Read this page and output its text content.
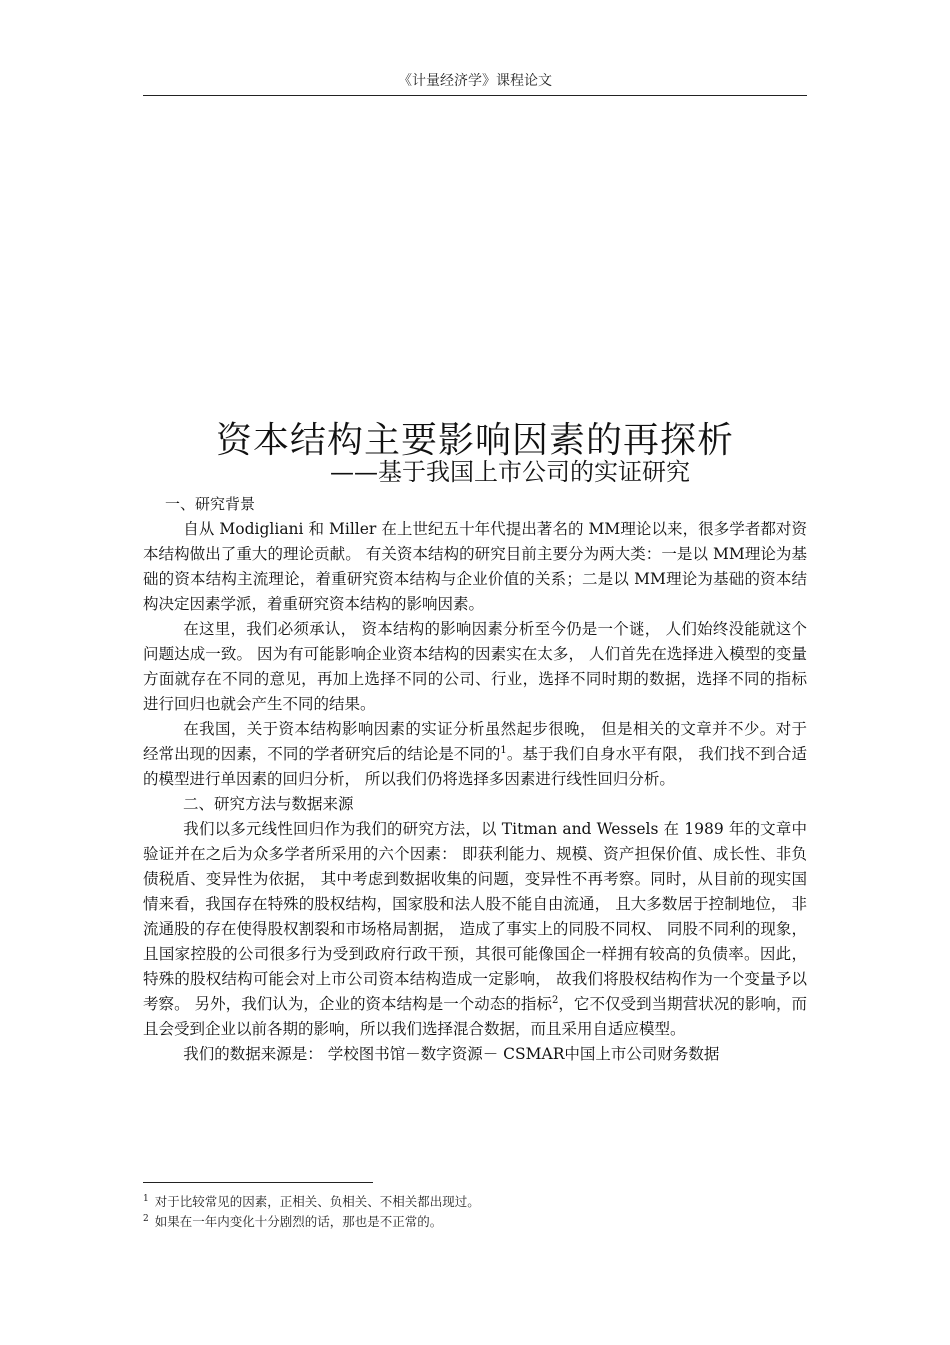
《计量经济学》课程论文
资本结构主要影响因素的再探析
——基于我国上市公司的实证研究
一、研究背景

自从 Modigliani 和 Miller 在上世纪五十年代提出著名的 MM理论以来，很多学者都对资本结构做出了重大的理论贡献。 有关资本结构的研究目前主要分为两大类：一是以 MM理论为基础的资本结构主流理论，着重研究资本结构与企业价值的关系；二是以 MM理论为基础的资本结构决定因素学派，着重研究资本结构的影响因素。

在这里，我们必须承认， 资本结构的影响因素分析至今仍是一个谜， 人们始终没能就这个问题达成一致。 因为有可能影响企业资本结构的因素实在太多， 人们首先在选择进入模型的变量方面就存在不同的意见，再加上选择不同的公司、行业，选择不同时期的数据，选择不同的指标进行回归也就会产生不同的结果。

在我国，关于资本结构影响因素的实证分析虽然起步很晚， 但是相关的文章并不少。对于经常出现的因素，不同的学者研究后的结论是不同的$^1$。基于我们自身水平有限， 我们找不到合适的模型进行单因素的回归分析， 所以我们仍将选择多因素进行线性回归分析。

二、研究方法与数据来源

我们以多元线性回归作为我们的研究方法，以 Titman and Wessels 在 1989 年的文章中验证并在之后为众多学者所采用的六个因素： 即获利能力、规模、资产担保价值、成长性、非负债税盾、变异性为依据， 其中考虑到数据收集的问题，变异性不再考察。同时，从目前的现实国情来看，我国存在特殊的股权结构，国家股和法人股不能自由流通， 且大多数居于控制地位， 非流通股的存在使得股权割裂和市场格局割据， 造成了事实上的同股不同权、 同股不同利的现象， 且国家控股的公司很多行为受到政府行政干预，其很可能像国企一样拥有较高的负债率。因此，特殊的股权结构可能会对上市公司资本结构造成一定影响， 故我们将股权结构作为一个变量予以考察。 另外，我们认为，企业的资本结构是一个动态的指标$^2$，它不仅受到当期营状况的影响，而且会受到企业以前各期的影响，所以我们选择混合数据，而且采用自适应模型。

我们的数据来源是： 学校图书馆－数字资源－ CSMAR中国上市公司财务数据

$^1$ 对于比较常见的因素，正相关、负相关、不相关都出现过。
$^2$ 如果在一年内变化十分剧烈的话，那也是不正常的。
